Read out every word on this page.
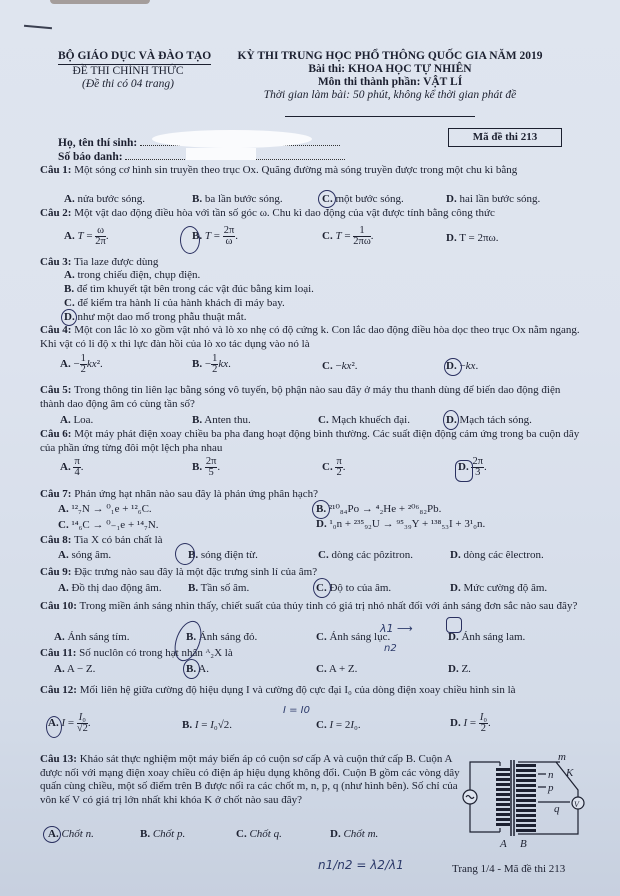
BỘ GIÁO DỤC VÀ ĐÀO TẠO
ĐỀ THI CHÍNH THỨC
(Đề thi có 04 trang)
KỲ THI TRUNG HỌC PHỔ THÔNG QUỐC GIA NĂM 2019
Bài thi: KHOA HỌC TỰ NHIÊN
Môn thi thành phần: VẬT LÍ
Thời gian làm bài: 50 phút, không kể thời gian phát đề
Họ, tên thí sinh:
Số báo danh:
Mã đề thi 213
Câu 1: Một sóng cơ hình sin truyền theo trục Ox. Quãng đường mà sóng truyền được trong một chu kì bằng
A. nửa bước sóng.	B. ba lần bước sóng.	C. một bước sóng.	D. hai lần bước sóng.
Câu 2: Một vật dao động điều hòa với tần số góc ω. Chu kì dao động của vật được tính bằng công thức
A. $T = \frac{\omega}{2\pi}$ .	B. $T = \frac{2\pi}{\omega}$ .	C. $T = \frac{1}{2\pi\omega}$ .	D. T = 2πω.
Câu 3: Tia laze được dùng
A. trong chiếu điện, chụp điện.
B. để tìm khuyết tật bên trong các vật đúc bằng kim loại.
C. để kiểm tra hành lí của hành khách đi máy bay.
D. như một dao mổ trong phẫu thuật mắt.
Câu 4: Một con lắc lò xo gồm vật nhỏ và lò xo nhẹ có độ cứng k. Con lắc dao động điều hòa dọc theo trục Ox nằm ngang. Khi vật có li độ x thì lực đàn hồi của lò xo tác dụng vào nó là
A. − $\frac{1}{2} kx^2$.	B. − $\frac{1}{2}$ kx.	C. −kx².	D. −kx.
Câu 5: Trong thông tin liên lạc bằng sóng vô tuyến, bộ phận nào sau đây ở máy thu thanh dùng để biến dao động điện thành dao động âm có cùng tần số?
A. Loa.	B. Anten thu.	C. Mạch khuếch đại.	D. Mạch tách sóng.
Câu 6: Một máy phát điện xoay chiều ba pha đang hoạt động bình thường. Các suất điện động cảm ứng trong ba cuộn dây của phần ứng từng đôi một lệch pha nhau
A. $\frac{\pi}{4}$ .	B. $\frac{2\pi}{5}$ .	C. $\frac{\pi}{2}$ .	D. $\frac{2\pi}{3}$ .
Câu 7: Phản ứng hạt nhân nào sau đây là phản ứng phân hạch?
A. ¹²₇N → ⁰₁e + ¹²₆C.	B. ²¹⁰₈₄Po → ⁴₂He + ²⁰⁶₈₂Pb.
C. ¹⁴₆C → ⁰₋₁e + ¹⁴₇N.	D. ¹₀n + ²³⁵₉₂U → ⁹⁵₃₉Y + ¹³⁸₅₃I + 3¹₀n.
Câu 8: Tia X có bản chất là
A. sóng âm.	B. sóng điện từ.	C. dòng các pôzitron.	D. dòng các êlectron.
Câu 9: Đặc trưng nào sau đây là một đặc trưng sinh lí của âm?
A. Đồ thị dao động âm. B. Tần số âm.	C. Độ to của âm.	D. Mức cường độ âm.
Câu 10: Trong miền ánh sáng nhìn thấy, chiết suất của thủy tinh có giá trị nhỏ nhất đối với ánh sáng đơn sắc nào sau đây?
A. Ánh sáng tím.	B. Ánh sáng đỏ.	C. Ánh sáng lục.	D. Ánh sáng lam.
λ1 ⟶
n2
Câu 11: Số nuclôn có trong hạt nhân ᴬ₂X là
A. A − Z.	B. A.	C. A + Z.	D. Z.
Câu 12: Mối liên hệ giữa cường độ hiệu dụng I và cường độ cực đại I₀ của dòng điện xoay chiều hình sin là
A. $I = \frac{\text{I₀}}{√2}$ .	B. I = I₀√2.	C. I = 2I₀.	D. $I = \frac{\text{I₀}}{2}$ .
I = I0
Câu 13: Khảo sát thực nghiệm một máy biến áp có cuộn sơ cấp A và cuộn thứ cấp B. Cuộn A được nối với mạng điện xoay chiều có điện áp hiệu dụng không đổi. Cuộn B gồm các vòng dây quấn cùng chiều, một số điểm trên B được nối ra các chốt m, n, p, q (như hình bên). Số chỉ của vôn kế V có giá trị lớn nhất khi khóa K ở chốt nào sau đây?
A. Chốt n.	B. Chốt p.	C. Chốt q.	D. Chốt m.
m
n
p
q
K
V
A B
n1/n2 = λ2/λ1	Trang 1/4 - Mã đề thi 213
